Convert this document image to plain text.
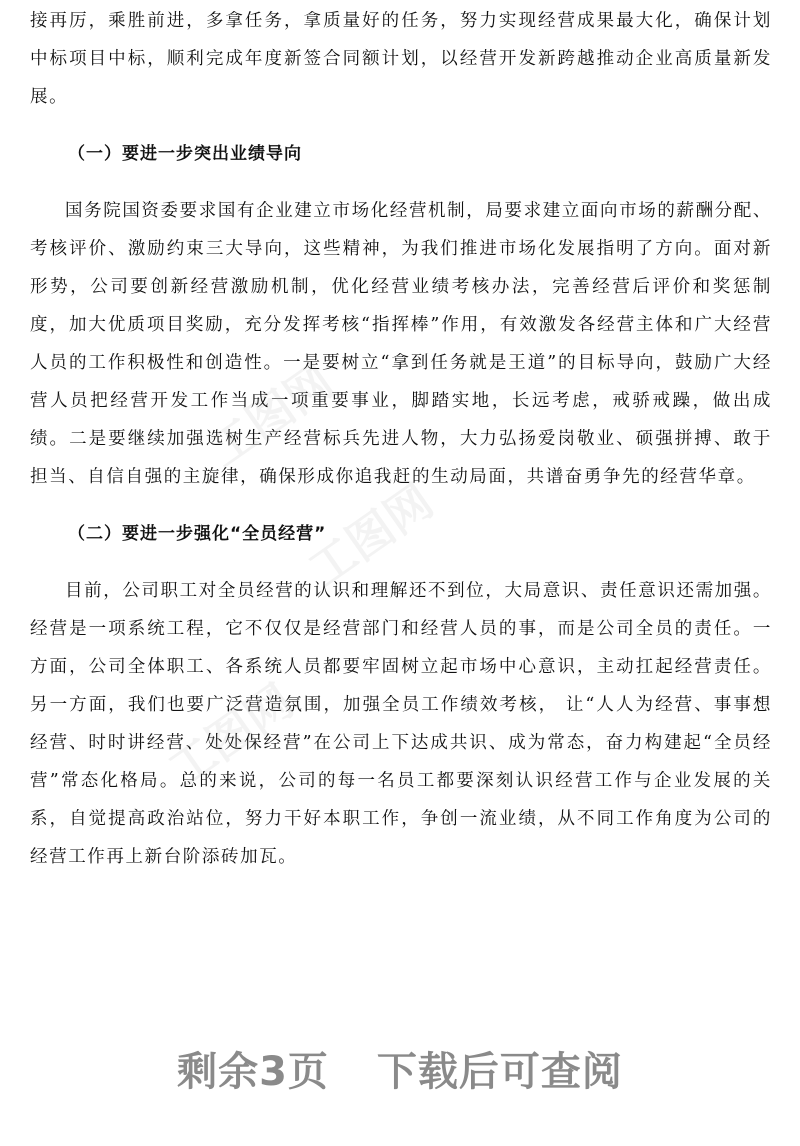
接再厉，乘胜前进，多拿任务，拿质量好的任务，努力实现经营成果最大化，确保计划中标项目中标，顺利完成年度新签合同额计划，以经营开发新跨越推动企业高质量新发展。

（一）要进一步突出业绩导向

国务院国资委要求国有企业建立市场化经营机制，局要求建立面向市场的薪酬分配、考核评价、激励约束三大导向，这些精神，为我们推进市场化发展指明了方向。面对新形势，公司要创新经营激励机制，优化经营业绩考核办法，完善经营后评价和奖惩制度，加大优质项目奖励，充分发挥考核“指挥棒”作用，有效激发各经营主体和广大经营人员的工作积极性和创造性。一是要树立“拿到任务就是王道”的目标导向，鼓励广大经营人员把经营开发工作当成一项重要事业，脚踏实地，长远考虑，戒骄戒躁，做出成绩。二是要继续加强选树生产经营标兵先进人物，大力弘扬爱岗敬业、硕强拼搏、敢于担当、自信自强的主旋律，确保形成你追我赶的生动局面，共谱奋勇争先的经营华章。

（二）要进一步强化“全员经营”

目前，公司职工对全员经营的认识和理解还不到位，大局意识、责任意识还需加强。经营是一项系统工程，它不仅仅是经营部门和经营人员的事，而是公司全员的责任。一方面，公司全体职工、各系统人员都要牢固树立起市场中心意识，主动扛起经营责任。另一方面，我们也要广泛营造氛围，加强全员工作绩效考核， 让“人人为经营、事事想经营、时时讲经营、处处保经营”在公司上下达成共识、成为常态，奋力构建起“全员经营”常态化格局。总的来说，公司的每一名员工都要深刻认识经营工作与企业发展的关系，自觉提高政治站位，努力干好本职工作，争创一流业绩，从不同工作角度为公司的经营工作再上新台阶添砖加瓦。

工图网
工图网
工图网
剩余3页 下载后可查阅
